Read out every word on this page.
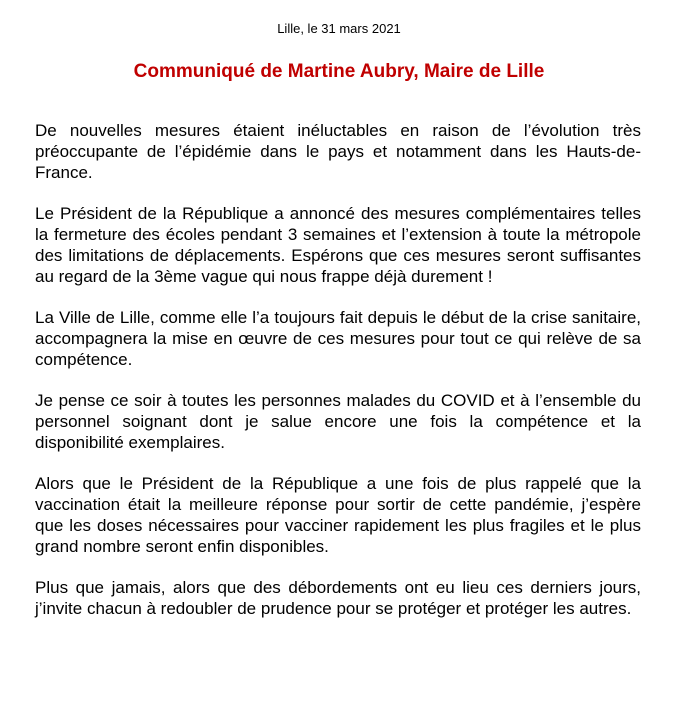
Lille, le 31 mars 2021
Communiqué de Martine Aubry, Maire de Lille

De nouvelles mesures étaient inéluctables en raison de l’évolution très préoccupante de l’épidémie dans le pays et notamment dans les Hauts-de-France.

Le Président de la République a annoncé des mesures complémentaires telles la fermeture des écoles pendant 3 semaines et l’extension à toute la métropole des limitations de déplacements. Espérons que ces mesures seront suffisantes au regard de la 3ème vague qui nous frappe déjà durement !

La Ville de Lille, comme elle l’a toujours fait depuis le début de la crise sanitaire, accompagnera la mise en œuvre de ces mesures pour tout ce qui relève de sa compétence.

Je pense ce soir à toutes les personnes malades du COVID et à l’ensemble du personnel soignant dont je salue encore une fois la compétence et la disponibilité exemplaires.

Alors que le Président de la République a une fois de plus rappelé que la vaccination était la meilleure réponse pour sortir de cette pandémie, j’espère que les doses nécessaires pour vacciner rapidement les plus fragiles et le plus grand nombre seront enfin disponibles.

Plus que jamais, alors que des débordements ont eu lieu ces derniers jours, j’invite chacun à redoubler de prudence pour se protéger et protéger les autres.
